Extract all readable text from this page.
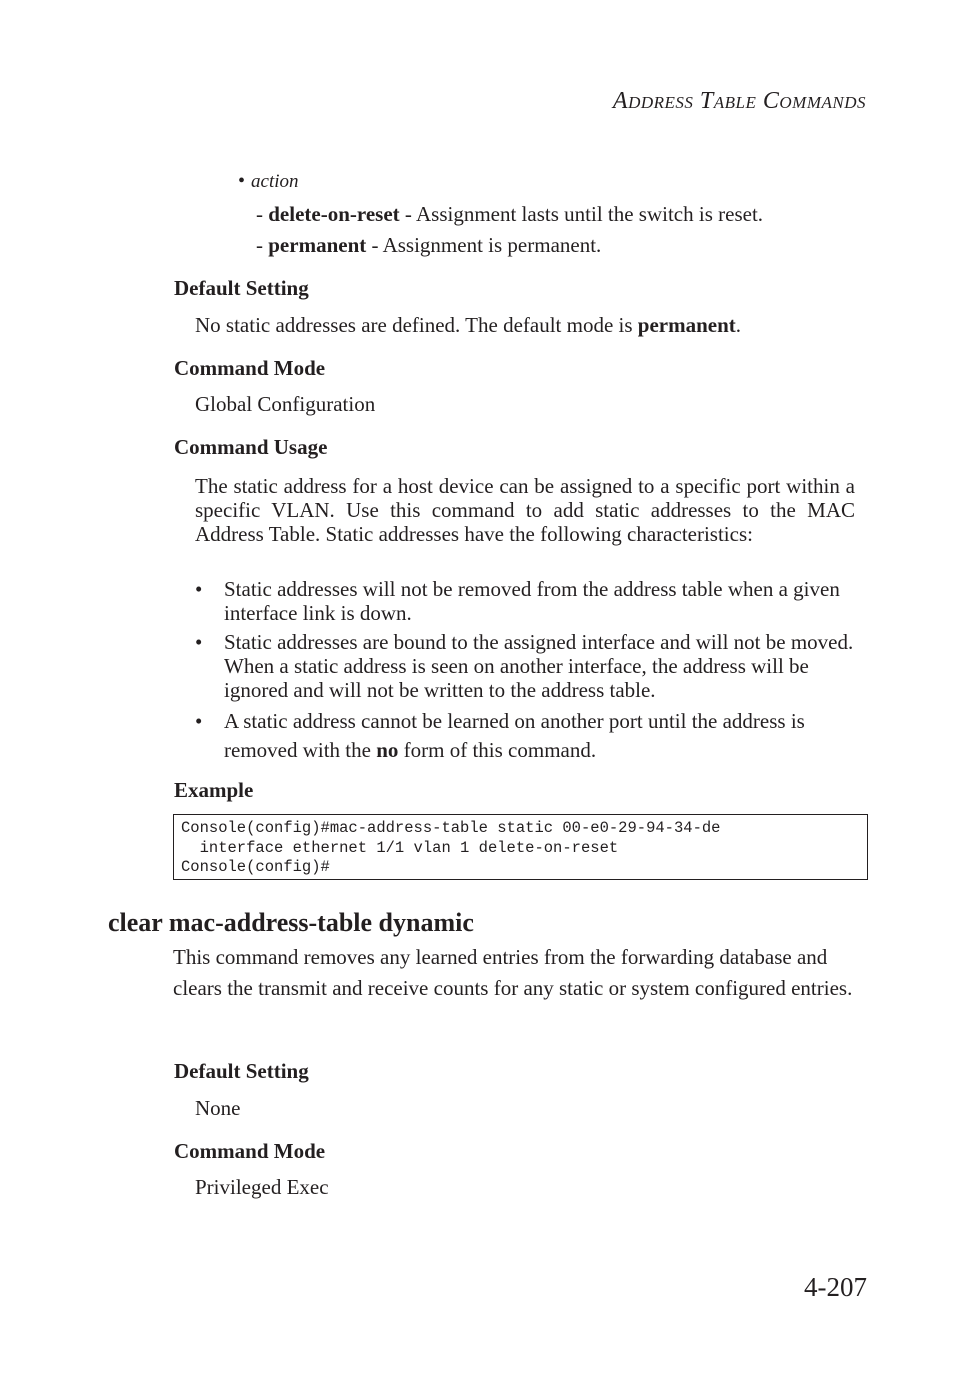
ADDRESS TABLE COMMANDS
• action
- delete-on-reset - Assignment lasts until the switch is reset.
- permanent - Assignment is permanent.
Default Setting
No static addresses are defined. The default mode is permanent.
Command Mode
Global Configuration
Command Usage
The static address for a host device can be assigned to a specific port within a specific VLAN. Use this command to add static addresses to the MAC Address Table. Static addresses have the following characteristics:
• Static addresses will not be removed from the address table when a given interface link is down.
• Static addresses are bound to the assigned interface and will not be moved. When a static address is seen on another interface, the address will be ignored and will not be written to the address table.
• A static address cannot be learned on another port until the address is removed with the no form of this command.
Example
Console(config)#mac-address-table static 00-e0-29-94-34-de
interface ethernet 1/1 vlan 1 delete-on-reset
Console(config)#
clear mac-address-table dynamic
This command removes any learned entries from the forwarding database and clears the transmit and receive counts for any static or system configured entries.
Default Setting
None
Command Mode
Privileged Exec
4-207
